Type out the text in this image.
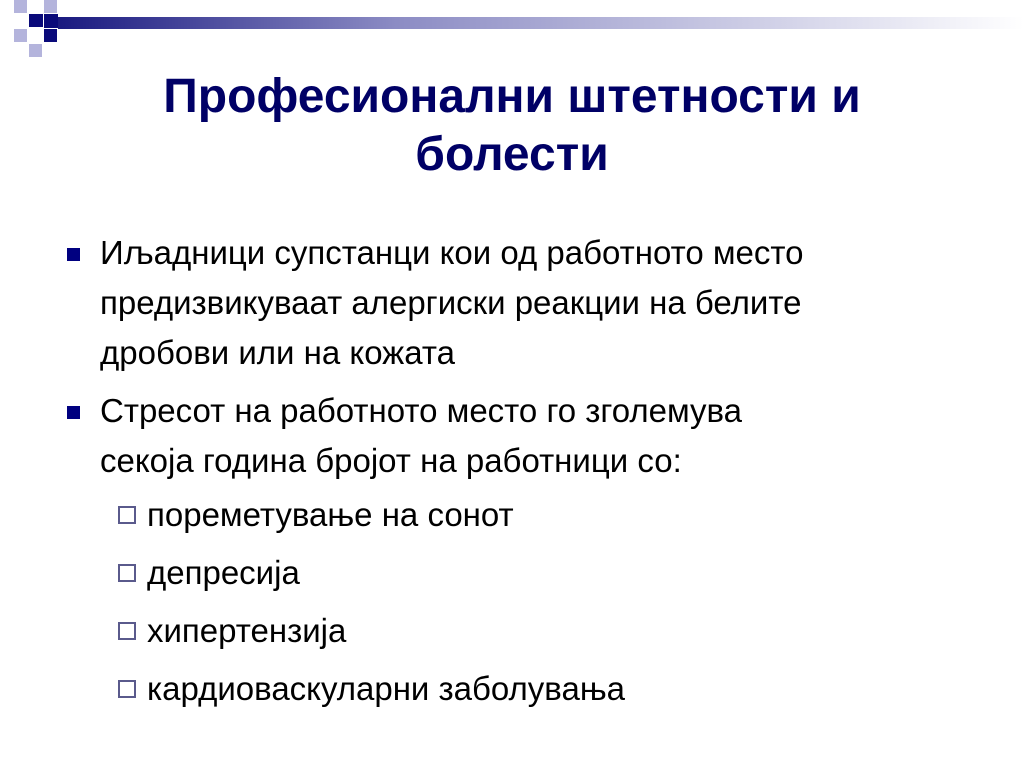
Професионални штетности и
болести
Иљадници супстанци кои од работното место
предизвикуваат алергиски реакции на белите
дробови или на кожата
Стресот на работното место го зголемува
секоја година бројот на работници со:
пореметување на сонот
депресија
хипертензија
кардиоваскуларни заболувања
